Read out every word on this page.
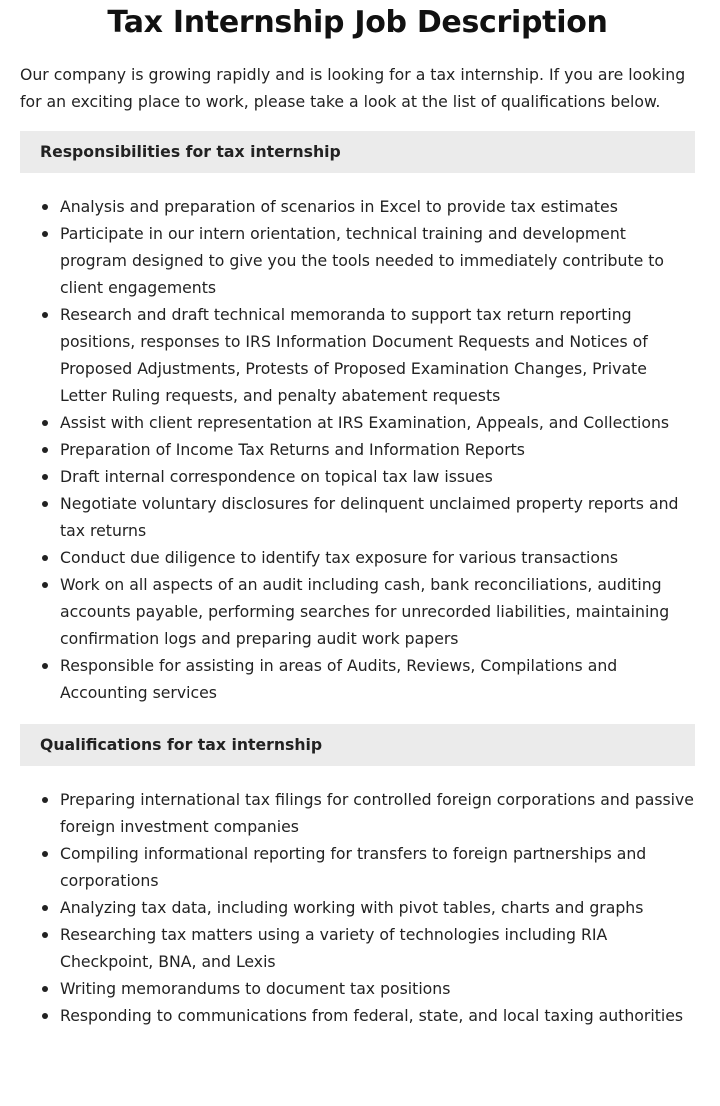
Tax Internship Job Description

Our company is growing rapidly and is looking for a tax internship. If you are looking for an exciting place to work, please take a look at the list of qualifications below.

Responsibilities for tax internship
Analysis and preparation of scenarios in Excel to provide tax estimates
Participate in our intern orientation, technical training and development program designed to give you the tools needed to immediately contribute to client engagements
Research and draft technical memoranda to support tax return reporting positions, responses to IRS Information Document Requests and Notices of Proposed Adjustments, Protests of Proposed Examination Changes, Private Letter Ruling requests, and penalty abatement requests
Assist with client representation at IRS Examination, Appeals, and Collections
Preparation of Income Tax Returns and Information Reports
Draft internal correspondence on topical tax law issues
Negotiate voluntary disclosures for delinquent unclaimed property reports and tax returns
Conduct due diligence to identify tax exposure for various transactions
Work on all aspects of an audit including cash, bank reconciliations, auditing accounts payable, performing searches for unrecorded liabilities, maintaining confirmation logs and preparing audit work papers
Responsible for assisting in areas of Audits, Reviews, Compilations and Accounting services
Qualifications for tax internship
Preparing international tax filings for controlled foreign corporations and passive foreign investment companies
Compiling informational reporting for transfers to foreign partnerships and corporations
Analyzing tax data, including working with pivot tables, charts and graphs
Researching tax matters using a variety of technologies including RIA Checkpoint, BNA, and Lexis
Writing memorandums to document tax positions
Responding to communications from federal, state, and local taxing authorities
